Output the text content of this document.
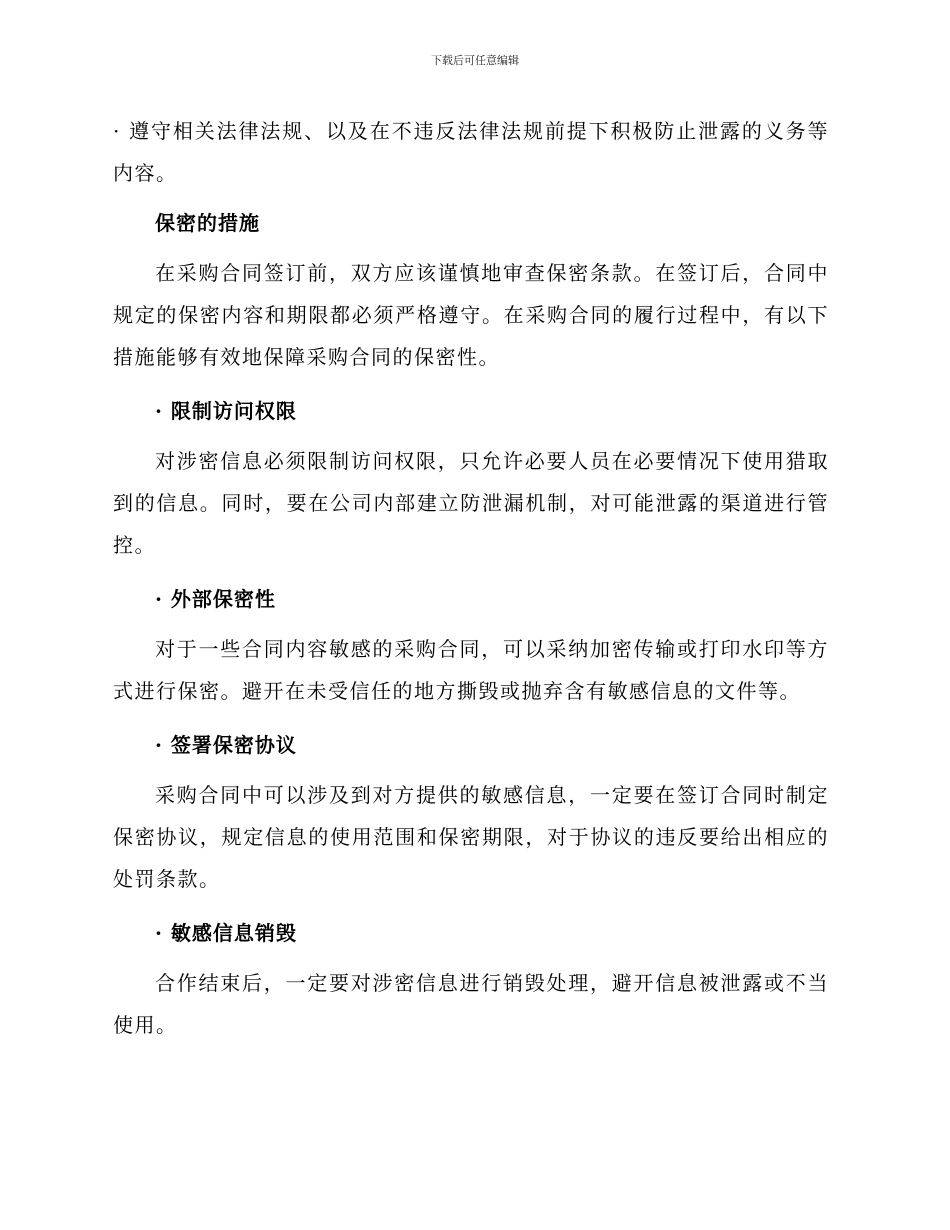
下载后可任意编辑

· 遵守相关法律法规、以及在不违反法律法规前提下积极防止泄露的义务等内容。

保密的措施

在采购合同签订前，双方应该谨慎地审查保密条款。在签订后，合同中规定的保密内容和期限都必须严格遵守。在采购合同的履行过程中，有以下措施能够有效地保障采购合同的保密性。

· 限制访问权限

对涉密信息必须限制访问权限，只允许必要人员在必要情况下使用猎取到的信息。同时，要在公司内部建立防泄漏机制，对可能泄露的渠道进行管控。

· 外部保密性

对于一些合同内容敏感的采购合同，可以采纳加密传输或打印水印等方式进行保密。避开在未受信任的地方撕毁或抛弃含有敏感信息的文件等。

· 签署保密协议

采购合同中可以涉及到对方提供的敏感信息，一定要在签订合同时制定保密协议，规定信息的使用范围和保密期限，对于协议的违反要给出相应的处罚条款。

· 敏感信息销毁

合作结束后，一定要对涉密信息进行销毁处理，避开信息被泄露或不当使用。
